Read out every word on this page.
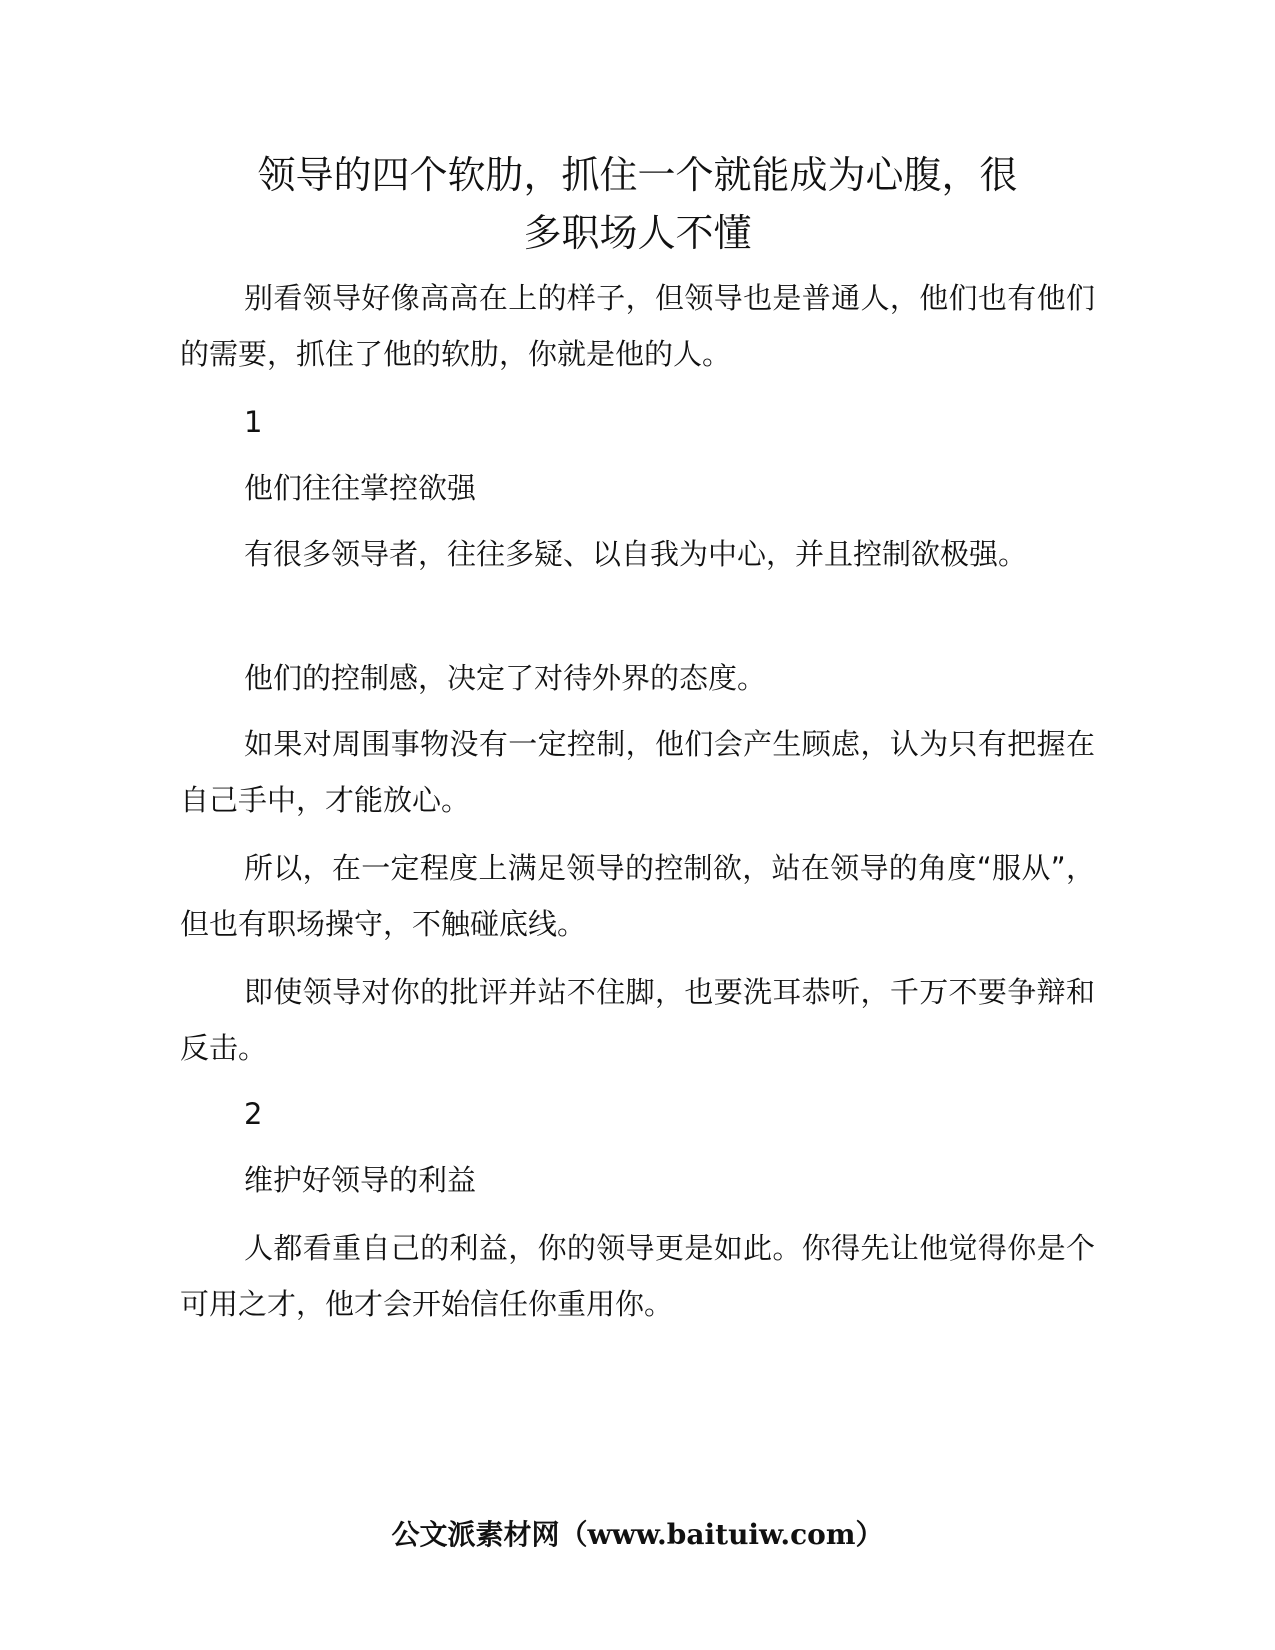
领导的四个软肋，抓住一个就能成为心腹，很
多职场人不懂

别看领导好像高高在上的样子，但领导也是普通人，他们也有他们的需要，抓住了他的软肋，你就是他的人。

1

他们往往掌控欲强

有很多领导者，往往多疑、以自我为中心，并且控制欲极强。

他们的控制感，决定了对待外界的态度。

如果对周围事物没有一定控制，他们会产生顾虑，认为只有把握在自己手中，才能放心。

所以，在一定程度上满足领导的控制欲，站在领导的角度“服从”，但也有职场操守，不触碰底线。

即使领导对你的批评并站不住脚，也要洗耳恭听，千万不要争辩和反击。

2

维护好领导的利益

人都看重自己的利益，你的领导更是如此。你得先让他觉得你是个可用之才，他才会开始信任你重用你。

公文派素材网（www.baituiw.com）
